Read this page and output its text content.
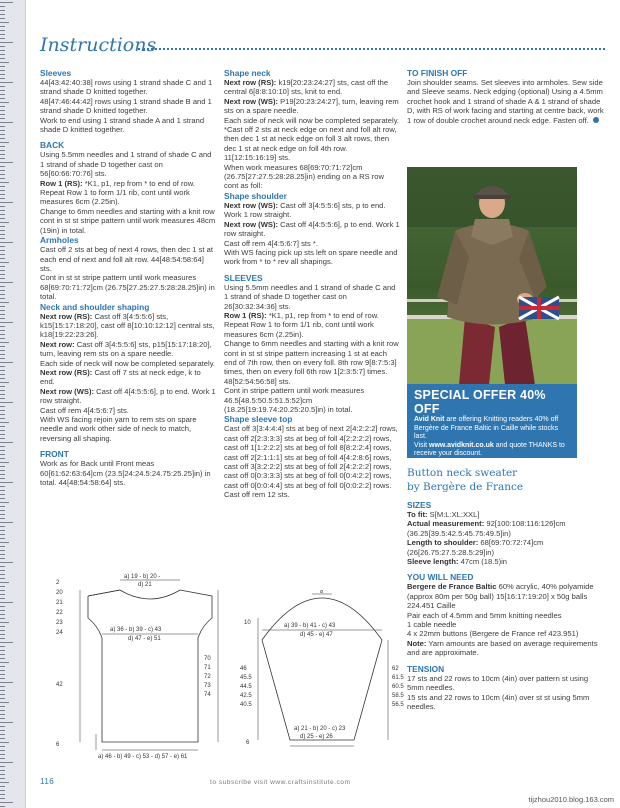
Instructions
Sleeves

44[43:42:40:38] rows using 1 strand shade C and 1 strand shade D knitted together.

48[47:46:44:42] rows using 1 strand shade B and 1 strand shade D knitted together.

Work to end using 1 strand shade A and 1 strand shade D knitted together.

BACK

Using 5.5mm needles and 1 strand of shade C and 1 strand of shade D together cast on 56[60:66:70:76] sts.

Row 1 (RS): *K1, p1, rep from * to end of row.

Repeat Row 1 to form 1/1 rib, cont until work measures 6cm (2.25in).

Change to 6mm needles and starting with a knit row cont in st st stripe pattern until work measures 48cm (19in) in total.

Armholes

Cast off 2 sts at beg of next 4 rows, then dec 1 st at each end of next and foll alt row. 44[48:54:58:64] sts.

Cont in st st stripe pattern until work measures 68[69:70:71:72]cm (26.75[27.25:27.5:28:28.25]in) in total.

Neck and shoulder shaping

Next row (RS): Cast off 3[4:5:5:6] sts, k15[15:17:18:20], cast off 8[10:10:12:12] central sts, k18[19:22:23:26].

Next row: Cast off 3[4:5:5:6] sts, p15[15:17:18:20], turn, leaving rem sts on a spare needle.

Each side of neck will now be completed separately.

Next row (RS): Cast off 7 sts at neck edge, k to end.

Next row (WS): Cast off 4[4:5:5:6], p to end. Work 1 row straight.

Cast off rem 4[4:5:6:7] sts.

With WS facing rejoin yarn to rem sts on spare needle and work other side of neck to match, reversing all shaping.

FRONT

Work as for Back until Front meas 60[61:62:63:64]cm (23.5[24:24.5:24.75:25.25]in) in total. 44[48:54:58:64] sts.

Shape neck

Next row (RS): k19[20:23:24:27] sts, cast off the central 6[8:8:10:10] sts, knit to end.

Next row (WS): P19[20:23:24:27], turn, leaving rem sts on a spare needle.

Each side of neck will now be completed separately.

*Cast off 2 sts at neck edge on next and foll alt row, then dec 1 st at neck edge on foll 3 alt rows, then dec 1 st at neck edge on foll 4th row. 11[12:15:16:19] sts.

When work measures 68[69:70:71:72]cm (26.75[27:27.5:28:28.25]in) ending on a RS row cont as foll:

Shape shoulder

Next row (WS): Cast off 3[4:5:5:6] sts, p to end. Work 1 row straight.

Next row (WS): Cast off 4[4:5:5:6], p to end. Work 1 row straight.

Cast off rem 4[4:5:6:7] sts *.

With WS facing pick up sts left on spare needle and work from * to * rev all shapings.

SLEEVES

Using 5.5mm needles and 1 strand of shade C and 1 strand of shade D together cast on 26[30:32:34:36] sts.

Row 1 (RS): *K1, p1, rep from * to end of row. Repeat Row 1 to form 1/1 rib, cont until work measures 6cm (2.25in).

Change to 6mm needles and starting with a knit row cont in st st stripe pattern increasing 1 st at each end of 7th row, then on every foll. 8th row 9[8:7:5:3] times, then on every foll 6th row 1[2:3:5:7] times. 48[52:54:56:58] sts.

Cont in stripe pattern until work measures 46.5[48.5:50.5:51.5:52]cm (18.25[19:19.74:20.25:20.5]in) in total.

Shape sleeve top

Cast off 3[3:4:4:4] sts at beg of next 2[4:2:2:2] rows, cast off 2[2:3:3:3] sts at beg of foll 4[2:2:2:2] rows, cast off 1[1:2:2:2] sts at beg of foll 8[8:2:2:4] rows, cast off 2[2:1:1:1] sts at beg of foll 4[4:2:8:6] rows, cast off 3[3:2:2:2] sts at beg of foll 2[4:2:2:2] rows, cast off 0[0:3:3:3] sts at beg of foll 0[0:4:2:2] rows, cast off 0[0:0:4:4] sts at beg of foll 0[0:0:2:2] rows. Cast off rem 12 sts.

TO FINISH OFF

Join shoulder seams. Set sleeves into armholes. Sew side and Sleeve seams. Neck edging (optional) Using a 4.5mm crochet hook and 1 strand of shade A & 1 strand of shade D, with RS of work facing and starting at centre back, work 1 row of double crochet around neck edge. Fasten off.

SPECIAL OFFER 40% OFF

Avid Knit are offering Knitting readers 40% off Bergère de France Baltic in Caille while stocks last.

Visit www.avidknit.co.uk and quote THANKS to receive your discount.

Button neck sweater
by Bergère de France
SIZES

To fit: S[M:L:XL:XXL]

Actual measurement: 92[100:108:116:126]cm (36.25[39.5:42.5:45.75:49.5]in)

Length to shoulder: 68[69:70:72:74]cm (26[26.75:27.5:28.5:29]in)

Sleeve length: 47cm (18.5)in

YOU WILL NEED

Bergere de France Baltic 60% acrylic, 40% polyamide (approx 80m per 50g ball) 15[16:17:19:20] x 50g balls 224.451 Caille

Pair each of 4.5mm and 5mm knitting needles

1 cable needle

4 x 22mm buttons (Bergere de France ref 423.951)

Note: Yarn amounts are based on average requirements and are approximate.

TENSION

17 sts and 22 rows to 10cm (4in) over pattern st using 5mm needles.

15 sts and 22 rows to 10cm (4in) over st st using 5mm needles.

a) 19 - b) 20 -
d) 21
a) 36 - b) 39 - c) 43
d) 47 - e) 51
a) 46 - b) 49 - c) 53 - d) 57 - e) 61
2
20
21
22
23
24
42
6
70
71
72
73
74
8
10	a) 39 - b) 41 - c) 43
d) 45 - e) 47
a) 21 - b) 20 - c) 23
d) 25 - e) 26
6
46
45.5
44.5
42.5
40.5
62
61.5
60.5
58.5
56.5
116	to subscribe visit www.craftsinstitute.com
tijzhou2010.blog.163.com
